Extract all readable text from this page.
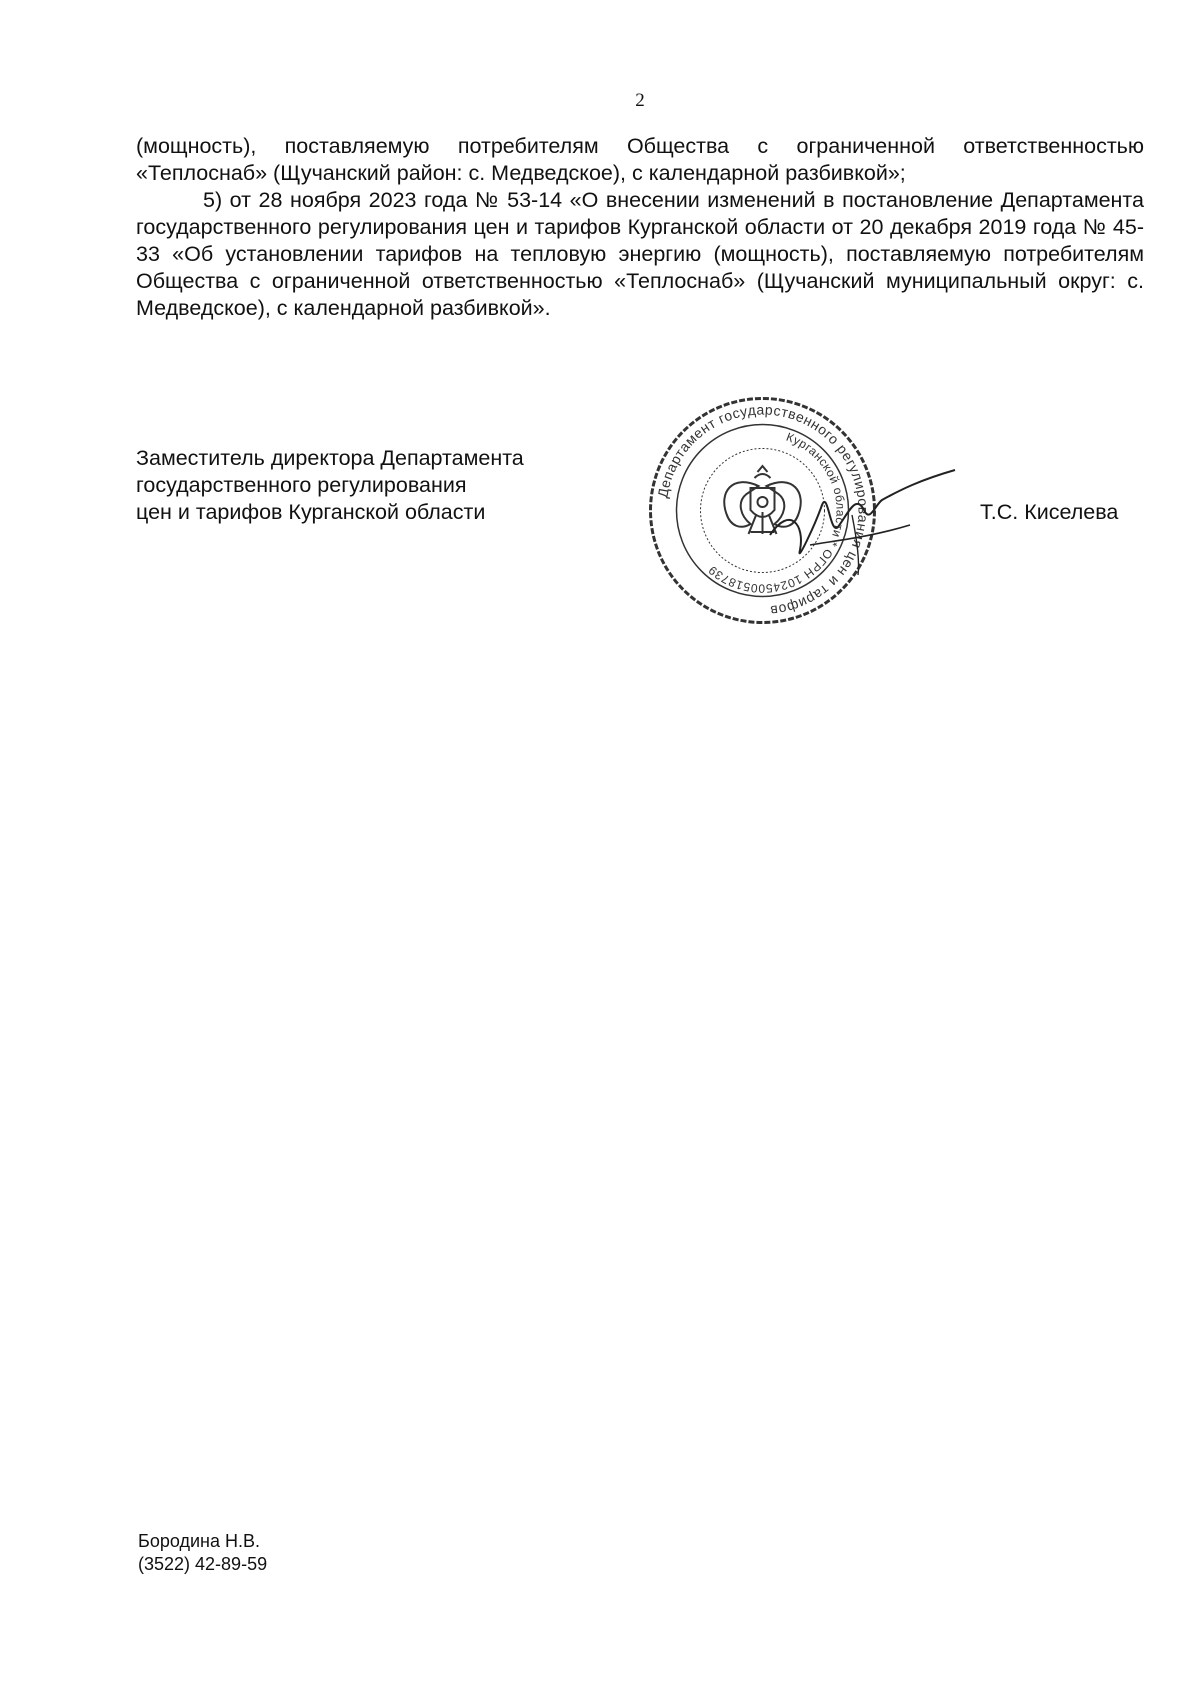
2

(мощность), поставляемую потребителям Общества с ограниченной ответственностью «Теплоснаб» (Щучанский район: с. Медведское), с календарной разбивкой»;

5) от 28 ноября 2023 года № 53-14 «О внесении изменений в постановление Департамента государственного регулирования цен и тарифов Курганской области от 20 декабря 2019 года № 45-33 «Об установлении тарифов на тепловую энергию (мощность), поставляемую потребителям Общества с ограниченной ответственностью «Теплоснаб» (Щучанский муниципальный округ: с. Медведское), с календарной разбивкой».

Заместитель директора Департамента
государственного регулирования
цен и тарифов Курганской области
Департамент государственного регулирования цен и тарифов
Курганской области * ОГРН 1024500518739
Т.С. Киселева
Бородина Н.В.
(3522) 42-89-59
